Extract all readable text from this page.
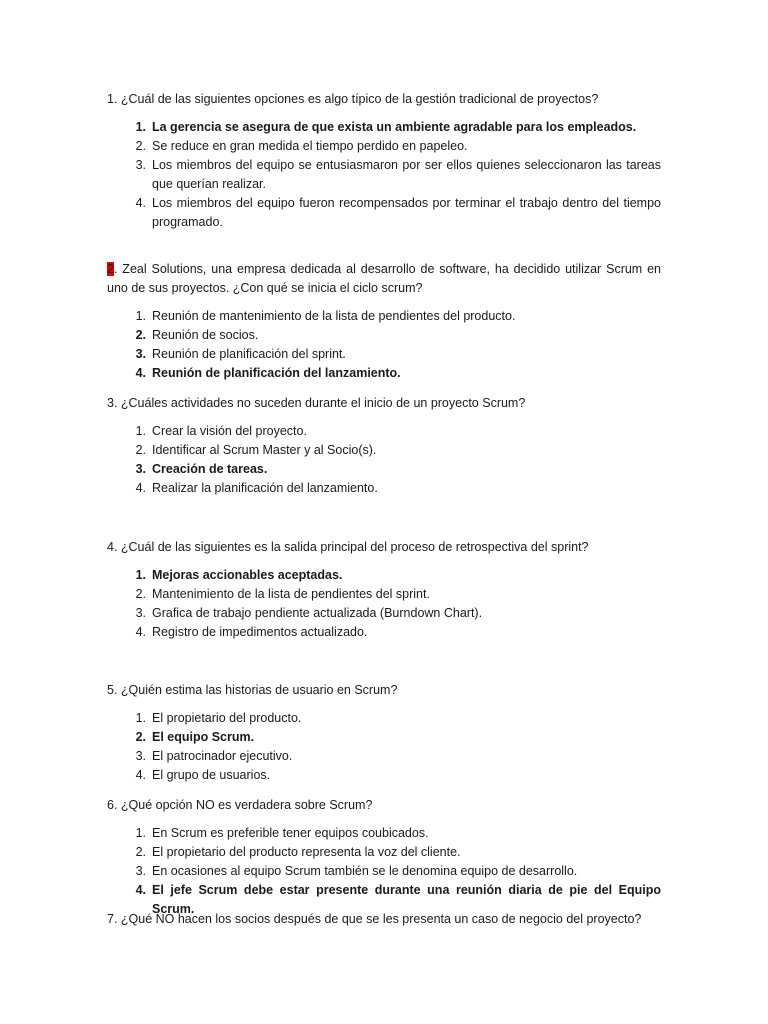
1. ¿Cuál de las siguientes opciones es algo típico de la gestión tradicional de proyectos?

1. La gerencia se asegura de que exista un ambiente agradable para los empleados.
2. Se reduce en gran medida el tiempo perdido en papeleo.
3. Los miembros del equipo se entusiasmaron por ser ellos quienes seleccionaron las tareas que querían realizar.
4. Los miembros del equipo fueron recompensados por terminar el trabajo dentro del tiempo programado.

2. Zeal Solutions, una empresa dedicada al desarrollo de software, ha decidido utilizar Scrum en uno de sus proyectos. ¿Con qué se inicia el ciclo scrum?

1. Reunión de mantenimiento de la lista de pendientes del producto.
2. Reunión de socios.
3. Reunión de planificación del sprint.
4. Reunión de planificación del lanzamiento.

3. ¿Cuáles actividades no suceden durante el inicio de un proyecto Scrum?

1. Crear la visión del proyecto.
2. Identificar al Scrum Master y al Socio(s).
3. Creación de tareas.
4. Realizar la planificación del lanzamiento.

4. ¿Cuál de las siguientes es la salida principal del proceso de retrospectiva del sprint?

1. Mejoras accionables aceptadas.
2. Mantenimiento de la lista de pendientes del sprint.
3. Grafica de trabajo pendiente actualizada (Burndown Chart).
4. Registro de impedimentos actualizado.

5. ¿Quién estima las historias de usuario en Scrum?

1. El propietario del producto.
2. El equipo Scrum.
3. El patrocinador ejecutivo.
4. El grupo de usuarios.

6. ¿Qué opción NO es verdadera sobre Scrum?

1. En Scrum es preferible tener equipos coubicados.
2. El propietario del producto representa la voz del cliente.
3. En ocasiones al equipo Scrum también se le denomina equipo de desarrollo.
4. El jefe Scrum debe estar presente durante una reunión diaria de pie del Equipo Scrum.

7. ¿Qué NO hacen los socios después de que se les presenta un caso de negocio del proyecto?
